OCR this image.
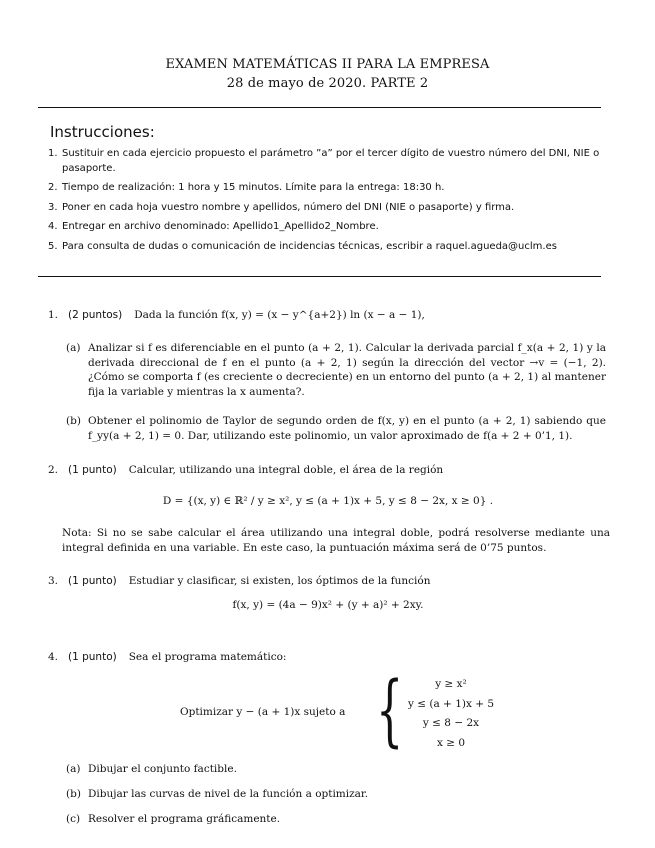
EXAMEN MATEMÁTICAS II PARA LA EMPRESA
28 de mayo de 2020. PARTE 2
Instrucciones:
1. Sustituir en cada ejercicio propuesto el parámetro ”a” por el tercer dígito de vuestro número del DNI, NIE o pasaporte.
2. Tiempo de realización: 1 hora y 15 minutos. Límite para la entrega: 18:30 h.
3. Poner en cada hoja vuestro nombre y apellidos, número del DNI (NIE o pasaporte) y firma.
4. Entregar en archivo denominado: Apellido1_Apellido2_Nombre.
5. Para consulta de dudas o comunicación de incidencias técnicas, escribir a raquel.agueda@uclm.es
1. (2 puntos) Dada la función f(x, y) = (x − y^{a+2}) ln (x − a − 1),
(a) Analizar si f es diferenciable en el punto (a + 2, 1). Calcular la derivada parcial f_x(a + 2, 1) y la derivada direccional de f en el punto (a + 2, 1) según la dirección del vector →v = (−1, 2). ¿Cómo se comporta f (es creciente o decreciente) en un entorno del punto (a + 2, 1) al mantener fija la variable y mientras la x aumenta?.
(b) Obtener el polinomio de Taylor de segundo orden de f(x, y) en el punto (a + 2, 1) sabiendo que f_yy(a + 2, 1) = 0. Dar, utilizando este polinomio, un valor aproximado de f(a + 2 + 0’1, 1).
2. (1 punto) Calcular, utilizando una integral doble, el área de la región
D = {(x, y) ∈ ℝ² / y ≥ x², y ≤ (a + 1)x + 5, y ≤ 8 − 2x, x ≥ 0} .
Nota: Si no se sabe calcular el área utilizando una integral doble, podrá resolverse mediante una integral definida en una variable. En este caso, la puntuación máxima será de 0’75 puntos.
3. (1 punto) Estudiar y clasificar, si existen, los óptimos de la función
f(x, y) = (4a − 9)x² + (y + a)² + 2xy.
4. (1 punto) Sea el programa matemático:
Optimizar y − (a + 1)x sujeto a {	y ≥ x²
y ≤ (a + 1)x + 5
y ≤ 8 − 2x
x ≥ 0
(a) Dibujar el conjunto factible.
(b) Dibujar las curvas de nivel de la función a optimizar.
(c) Resolver el programa gráficamente.
